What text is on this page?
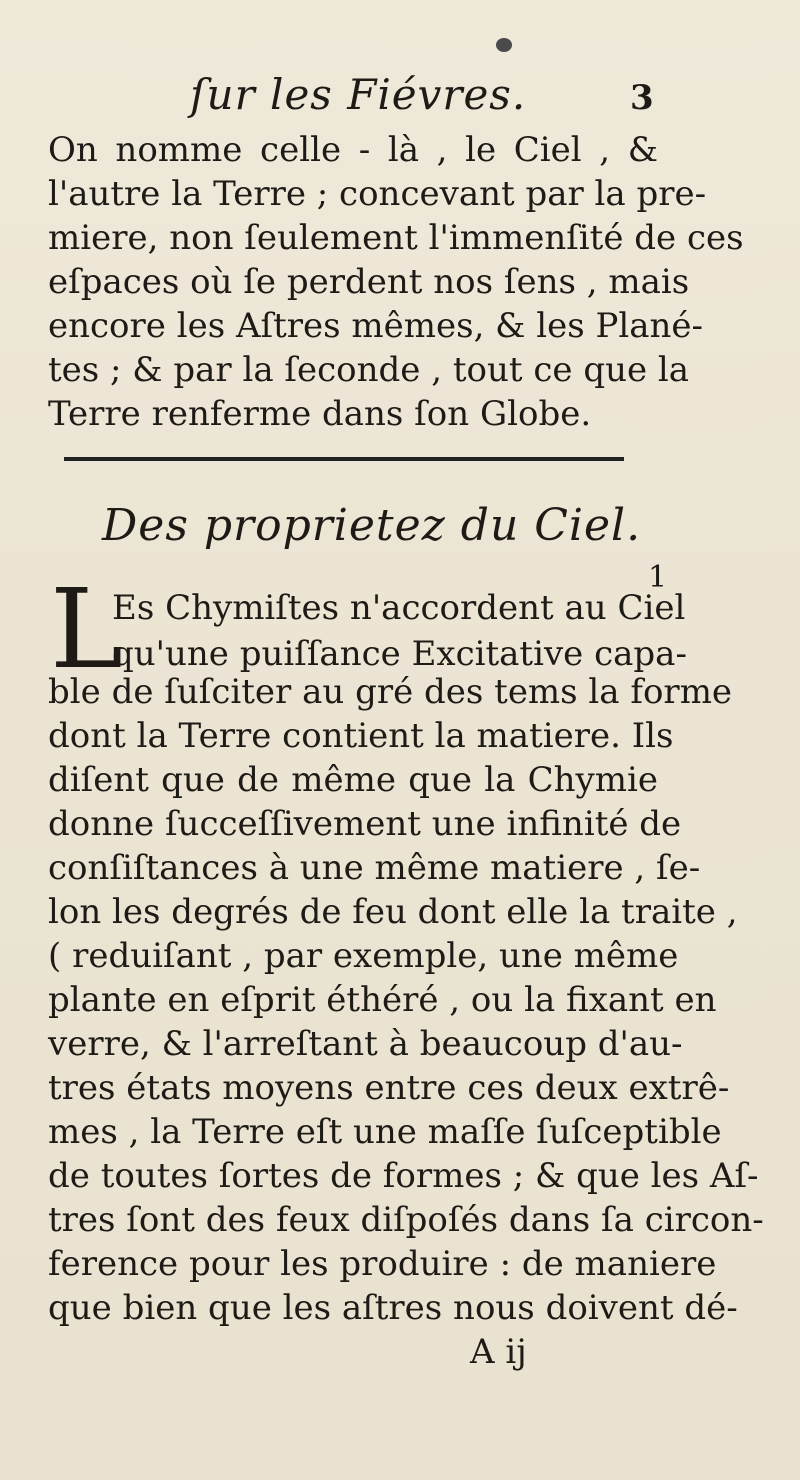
ſur les Fiévres.	3
On nomme celle - là , le Ciel , &
l'autre la Terre ; concevant par la pre-
miere, non ſeulement l'immenſité de ces
eſpaces où ſe perdent nos ſens , mais
encore les Aſtres mêmes, & les Plané-
tes ; & par la ſeconde , tout ce que la
Terre renferme dans ſon Globe.
Des proprietez du Ciel.
1
L
Es Chymiſtes n'accordent au Ciel
qu'une puiſſance Excitative capa-
ble de ſuſciter au gré des tems la forme
dont la Terre contient la matiere. Ils
diſent que de même que la Chymie
donne ſucceſſivement une infinité de
conſiſtances à une même matiere , ſe-
lon les degrés de feu dont elle la traite ,
( reduiſant , par exemple, une même
plante en eſprit éthéré , ou la fixant en
verre, & l'arreſtant à beaucoup d'au-
tres états moyens entre ces deux extrê-
mes , la Terre eſt une maſſe ſuſceptible
de toutes ſortes de formes ; & que les Aſ-
tres ſont des feux diſpoſés dans ſa circon-
ference pour les produire : de maniere
que bien que les aſtres nous doivent dé-
A ij
